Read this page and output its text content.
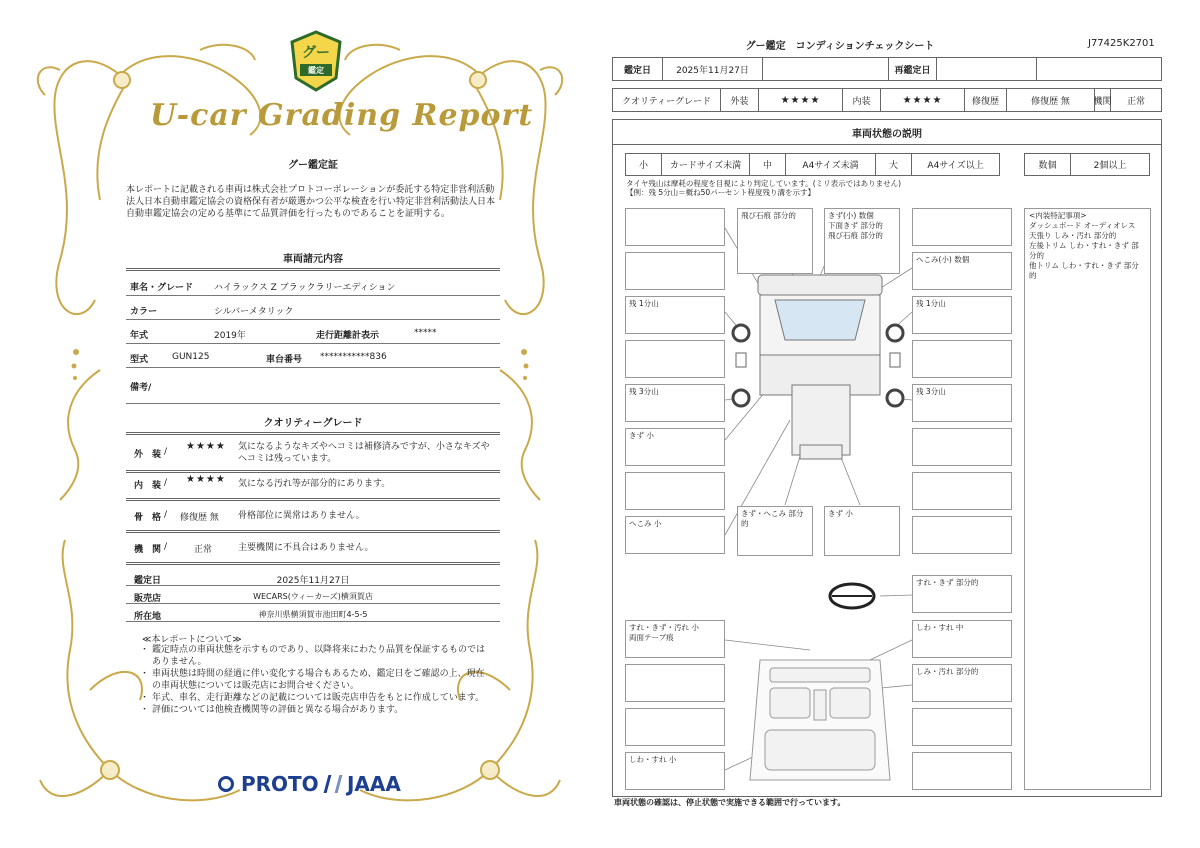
グー
鑑定
U-car Grading Report
グー鑑定証
本レポートに記載される車両は株式会社プロトコーポレーションが委託する特定非営利活動法人日本自動車鑑定協会の資格保有者が厳選かつ公平な検査を行い特定非営利活動法人日本自動車鑑定協会の定める基準にて品質評価を行ったものであることを証明する。
車両諸元内容
車名・グレード ハイラックス Z ブラックラリーエディション
カラー	シルバーメタリック
年式	2019年	走行距離計表示	*****
型式	GUN125	車台番号 ***********836
備考/
クオリティーグレード
外　装 / ★★★★ 気になるようなキズやヘコミは補修済みですが、小さなキズやヘコミは残っています。
内　装 / ★★★★ 気になる汚れ等が部分的にあります。
骨　格 / 修復歴 無 骨格部位に異常はありません。
機　関 /	正常	主要機関に不具合はありません。
鑑定日	2025年11月27日
販売店	WECARS(ウィーカーズ)横須賀店
所在地	神奈川県横須賀市池田町4-5-5
≪本レポートについて≫
・ 鑑定時点の車両状態を示すものであり、以降将来にわたり品質を保証するものではありません。
・ 車両状態は時間の経過に伴い変化する場合もあるため、鑑定日をご確認の上、現在の車両状態については販売店にお問合せください。
・ 年式、車名、走行距離などの記載については販売店申告をもとに作成しています。
・ 評価については他検査機関等の評価と異なる場合があります。
PROTO	JAAA
グー鑑定　コンディションチェックシート	J77425K2701
鑑定日	2025年11月27日	再鑑定日
クオリティーグレード	外装	★★★★	内装	★★★★	修復歴	修復歴 無	機関	正常
車両状態の説明
小	カードサイズ未満	中	A4サイズ未満	大	A4サイズ以上	数個	2個以上
タイヤ残山は摩耗の程度を目視により判定しています。(ミリ表示ではありません)
【例：残 5分山＝概ね50パーセント程度残り溝を示す】
残 1分山
残 3分山
きず 小
へこみ 小
飛び石痕 部分的	きず(小) 数個
下面きず 部分的
飛び石痕 部分的
へこみ(小) 数個
残 1分山
残 3分山
きず・へこみ 部分的
きず 小
すれ・きず 部分的
すれ・きず・汚れ 小
両面テープ痕
しわ・すれ 小
しわ・すれ 中
しみ・汚れ 部分的
<内装特記事項>
ダッシュボード オーディオレス
天張り しみ・汚れ 部分的
左後トリム しわ・すれ・きず 部分的
他トリム しわ・すれ・きず 部分的
車両状態の確認は、停止状態で実施できる範囲で行っています。
